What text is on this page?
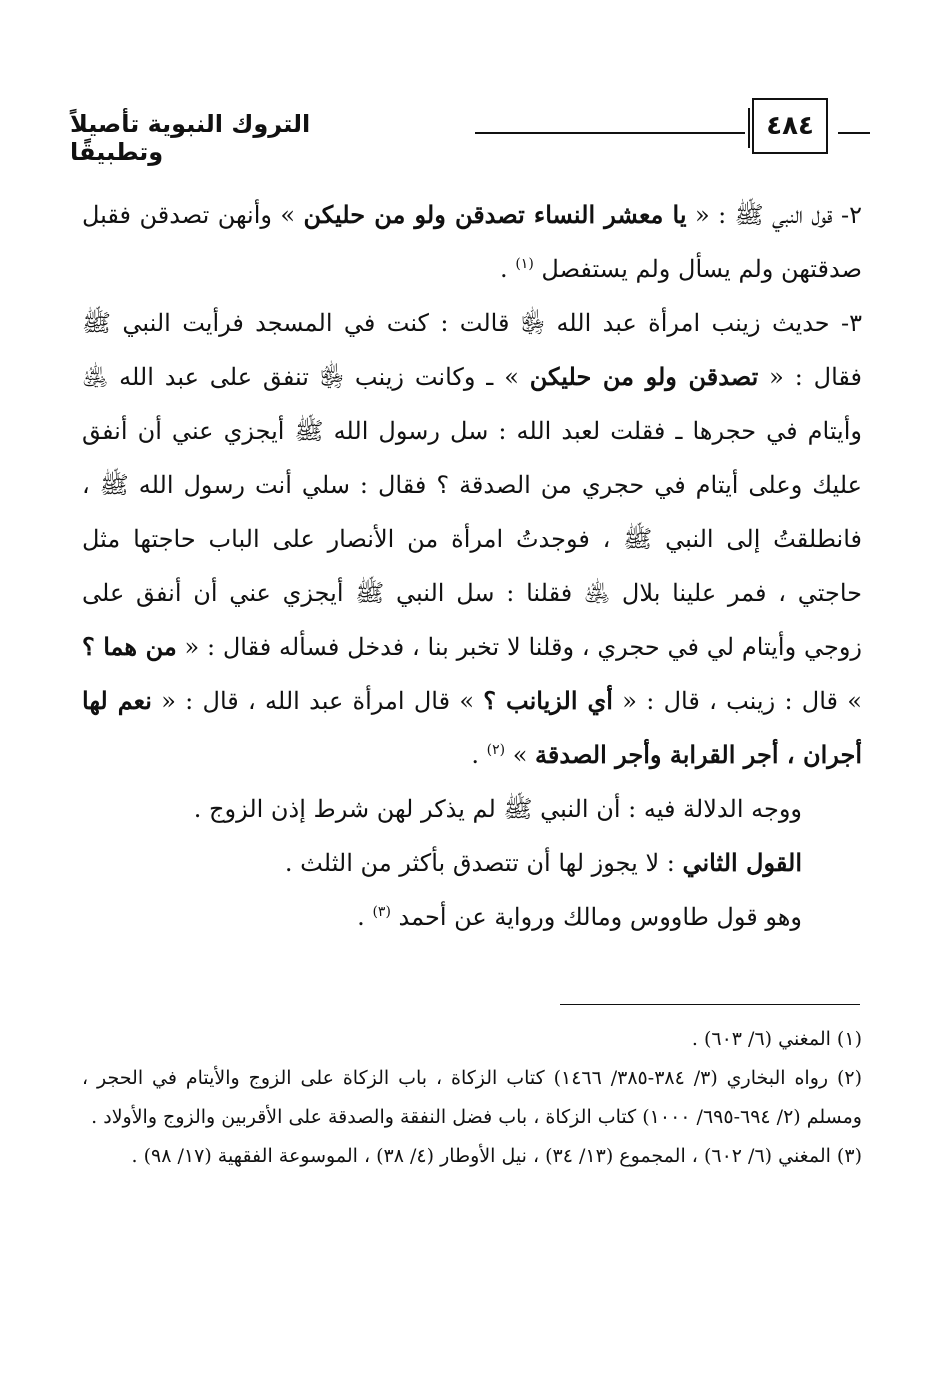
٤٨٤
التروك النبوية تأصيلاً وتطبيقًا

٢- قول النبي ﷺ : « يا معشر النساء تصدقن ولو من حليكن » وأنهن تصدقن فقبل صدقتهن ولم يسأل ولم يستفصل $^{(١)}$ .

٣- حديث زينب امرأة عبد الله ﵂ قالت : كنت في المسجد فرأيت النبي ﷺ فقال : « تصدقن ولو من حليكن » ـ وكانت زينب ﵂ تنفق على عبد الله ﵁ وأيتام في حجرها ـ فقلت لعبد الله : سل رسول الله ﷺ أيجزي عني أن أنفق عليك وعلى أيتام في حجري من الصدقة ؟ فقال : سلي أنت رسول الله ﷺ ، فانطلقتُ إلى النبي ﷺ ، فوجدتُ امرأة من الأنصار على الباب حاجتها مثل حاجتي ، فمر علينا بلال ﵁ فقلنا : سل النبي ﷺ أيجزي عني أن أنفق على زوجي وأيتام لي في حجري ، وقلنا لا تخبر بنا ، فدخل فسأله فقال : « من هما ؟ » قال : زينب ، قال : « أي الزيانب ؟ » قال امرأة عبد الله ، قال : « نعم لها أجران ، أجر القرابة وأجر الصدقة » $^{(٢)}$ .

ووجه الدلالة فيه : أن النبي ﷺ لم يذكر لهن شرط إذن الزوج .

القول الثاني : لا يجوز لها أن تتصدق بأكثر من الثلث .

وهو قول طاووس ومالك ورواية عن أحمد $^{(٣)}$ .

(١) المغني (٦/ ٦٠٣) .

(٢) رواه البخاري (٣/ ٣٨٤-٣٨٥/ ١٤٦٦) كتاب الزكاة ، باب الزكاة على الزوج والأيتام في الحجر ، ومسلم (٢/ ٦٩٤-٦٩٥/ ١٠٠٠) كتاب الزكاة ، باب فضل النفقة والصدقة على الأقربين والزوج والأولاد .

(٣) المغني (٦/ ٦٠٢) ، المجموع (١٣/ ٣٤) ، نيل الأوطار (٤/ ٣٨) ، الموسوعة الفقهية (١٧/ ٩٨) .
